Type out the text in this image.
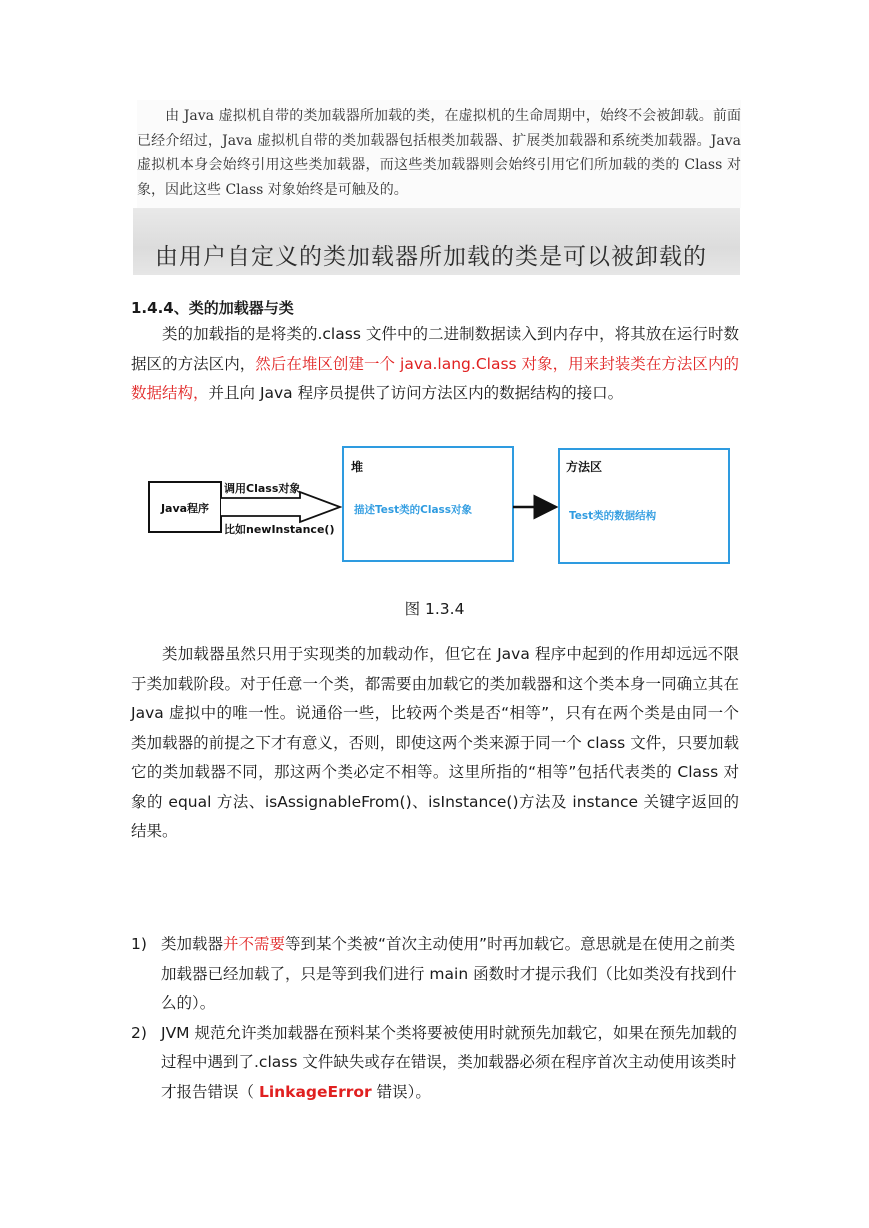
由 Java 虚拟机自带的类加载器所加载的类，在虚拟机的生命周期中，始终不会被卸载。前面已经介绍过，Java 虚拟机自带的类加载器包括根类加载器、扩展类加载器和系统类加载器。Java 虚拟机本身会始终引用这些类加载器，而这些类加载器则会始终引用它们所加载的类的 Class 对象，因此这些 Class 对象始终是可触及的。
由用户自定义的类加载器所加载的类是可以被卸载的
1.4.4、类的加载器与类
类的加载指的是将类的.class 文件中的二进制数据读入到内存中，将其放在运行时数据区的方法区内，然后在堆区创建一个 java.lang.Class 对象，用来封装类在方法区内的数据结构，并且向 Java 程序员提供了访问方法区内的数据结构的接口。
Java程序
调用Class对象
比如newInstance()
堆
描述Test类的Class对象
方法区
Test类的数据结构
图 1.3.4
类加载器虽然只用于实现类的加载动作，但它在 Java 程序中起到的作用却远远不限于类加载阶段。对于任意一个类，都需要由加载它的类加载器和这个类本身一同确立其在 Java 虚拟中的唯一性。说通俗一些，比较两个类是否“相等”，只有在两个类是由同一个类加载器的前提之下才有意义，否则，即使这两个类来源于同一个 class 文件，只要加载它的类加载器不同，那这两个类必定不相等。这里所指的“相等”包括代表类的 Class 对象的 equal 方法、isAssignableFrom()、isInstance()方法及 instance 关键字返回的结果。
1) 类加载器并不需要等到某个类被“首次主动使用”时再加载它。意思就是在使用之前类加载器已经加载了，只是等到我们进行 main 函数时才提示我们（比如类没有找到什么的）。
2) JVM 规范允许类加载器在预料某个类将要被使用时就预先加载它，如果在预先加载的过程中遇到了.class 文件缺失或存在错误，类加载器必须在程序首次主动使用该类时才报告错误（ LinkageError 错误）。
